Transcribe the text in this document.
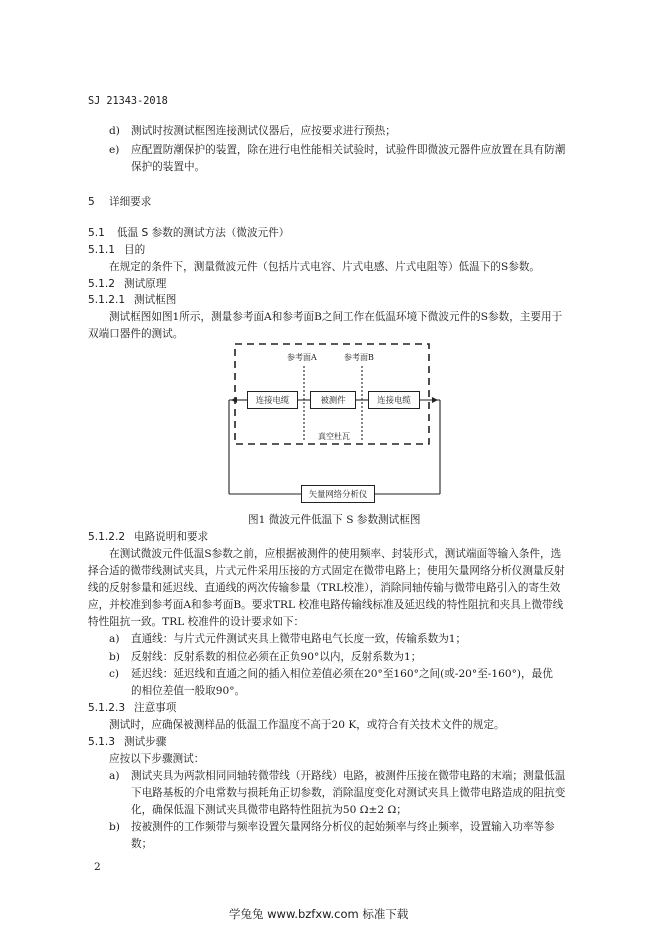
SJ 21343-2018
d) 测试时按测试框图连接测试仪器后，应按要求进行预热；
e) 应配置防潮保护的装置，除在进行电性能相关试验时，试验件即微波元器件应放置在具有防潮
保护的装置中。
5 详细要求
5.1 低温 S 参数的测试方法（微波元件）
5.1.1 目的
在规定的条件下，测量微波元件（包括片式电容、片式电感、片式电阻等）低温下的S参数。
5.1.2 测试原理
5.1.2.1 测试框图
测试框图如图1所示，测量参考面A和参考面B之间工作在低温环境下微波元件的S参数，主要用于
双端口器件的测试。
参考面A	参考面B
连接电缆	被测件	连接电缆
真空杜瓦
矢量网络分析仪
图1 微波元件低温下 S 参数测试框图
5.1.2.2 电路说明和要求
在测试微波元件低温S参数之前，应根据被测件的使用频率、封装形式，测试端面等输入条件，选
择合适的微带线测试夹具，片式元件采用压接的方式固定在微带电路上；使用矢量网络分析仪测量反射
线的反射参量和延迟线、直通线的两次传输参量（TRL校准），消除同轴传输与微带电路引入的寄生效
应，并校准到参考面A和参考面B。要求TRL 校准电路传输线标准及延迟线的特性阻抗和夹具上微带线
特性阻抗一致。TRL 校准件的设计要求如下：
a) 直通线：与片式元件测试夹具上微带电路电气长度一致，传输系数为1；
b) 反射线：反射系数的相位必须在正负90°以内，反射系数为1；
c) 延迟线：延迟线和直通之间的插入相位差值必须在20°至160°之间(或-20°至-160°)，最优
的相位差值一般取90°。
5.1.2.3 注意事项
测试时，应确保被测样品的低温工作温度不高于20 K，或符合有关技术文件的规定。
5.1.3 测试步骤
应按以下步骤测试：
a) 测试夹具为两款相同同轴转微带线（开路线）电路，被测件压接在微带电路的末端；测量低温
下电路基板的介电常数与损耗角正切参数，消除温度变化对测试夹具上微带电路造成的阻抗变
化，确保低温下测试夹具微带电路特性阻抗为50 Ω±2 Ω；
b) 按被测件的工作频带与频率设置矢量网络分析仪的起始频率与终止频率，设置输入功率等参
数；
2
学兔兔 www.bzfxw.com 标准下载
